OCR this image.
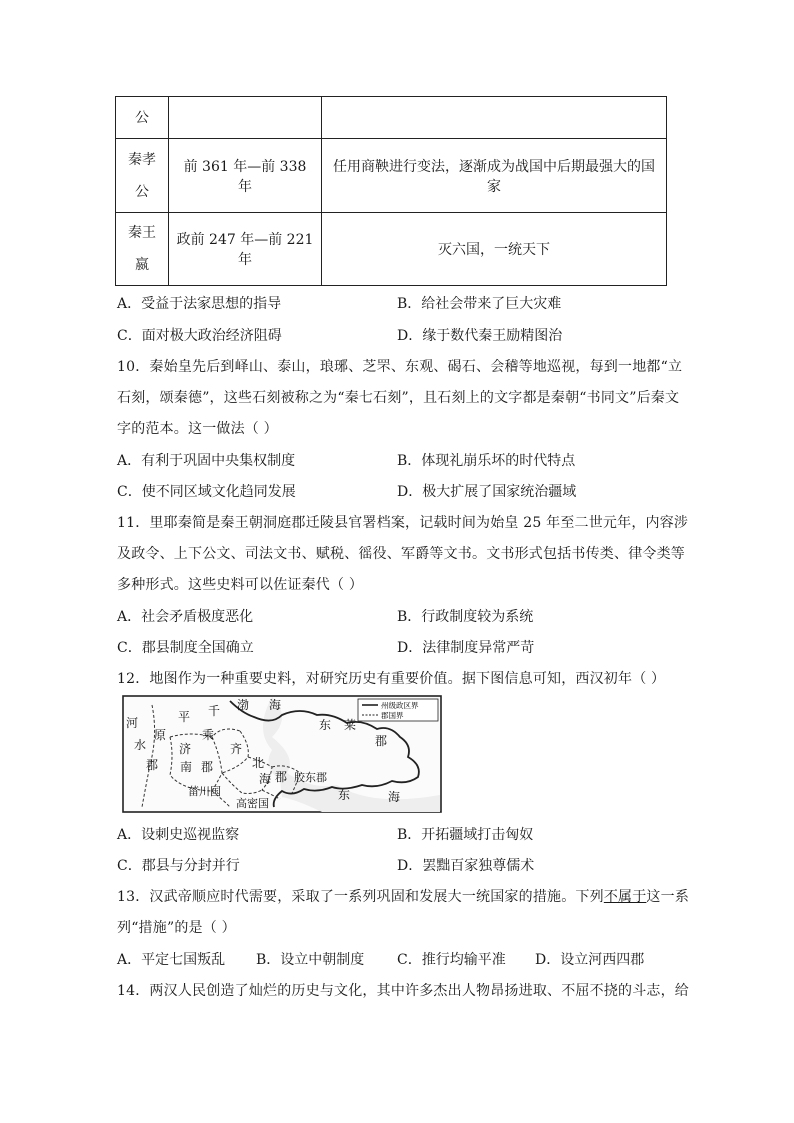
公		
秦孝
公	前 361 年—前 338 年	任用商鞅进行变法，逐渐成为战国中后期最强大的国家
秦王
嬴	政前 247 年—前 221 年	灭六国，一统天下
A．受益于法家思想的指导	B．给社会带来了巨大灾难
C．面对极大政治经济阻碍	D．缘于数代秦王励精图治
10．秦始皇先后到峄山、泰山，琅琊、芝罘、东观、碣石、会稽等地巡视，每到一地都“立
石刻，颂秦德”，这些石刻被称之为“秦七石刻”，且石刻上的文字都是秦朝“书同文”后秦文
字的范本。这一做法（ ）
A．有利于巩固中央集权制度	B．体现礼崩乐坏的时代特点
C．使不同区域文化趋同发展	D．极大扩展了国家统治疆域
11．里耶秦简是秦王朝洞庭郡迁陵县官署档案，记载时间为始皇 25 年至二世元年，内容涉
及政令、上下公文、司法文书、赋税、徭役、军爵等文书。文书形式包括书传类、律令类等
多种形式。这些史料可以佐证秦代（ ）
A．社会矛盾极度恶化	B．行政制度较为系统
C．郡县制度全国确立	D．法律制度异常严苛
12．地图作为一种重要史料，对研究历史有重要价值。据下图信息可知，西汉初年（ ）
州级政区界
郡国界
河	平 千 渤 海
水
原	乘
东 莱
郡
济	齐
南	北
郡	郡
海 郡 胶东郡
菑川国
高密国
东	海
A．设刺史巡视监察	B．开拓疆域打击匈奴
C．郡县与分封并行	D．罢黜百家独尊儒术
13．汉武帝顺应时代需要，采取了一系列巩固和发展大一统国家的措施。下列不属于这一系
列“措施”的是（ ）
A．平定七国叛乱 B．设立中朝制度 C．推行均输平准 D．设立河西四郡
14．两汉人民创造了灿烂的历史与文化，其中许多杰出人物昂扬进取、不屈不挠的斗志，给
